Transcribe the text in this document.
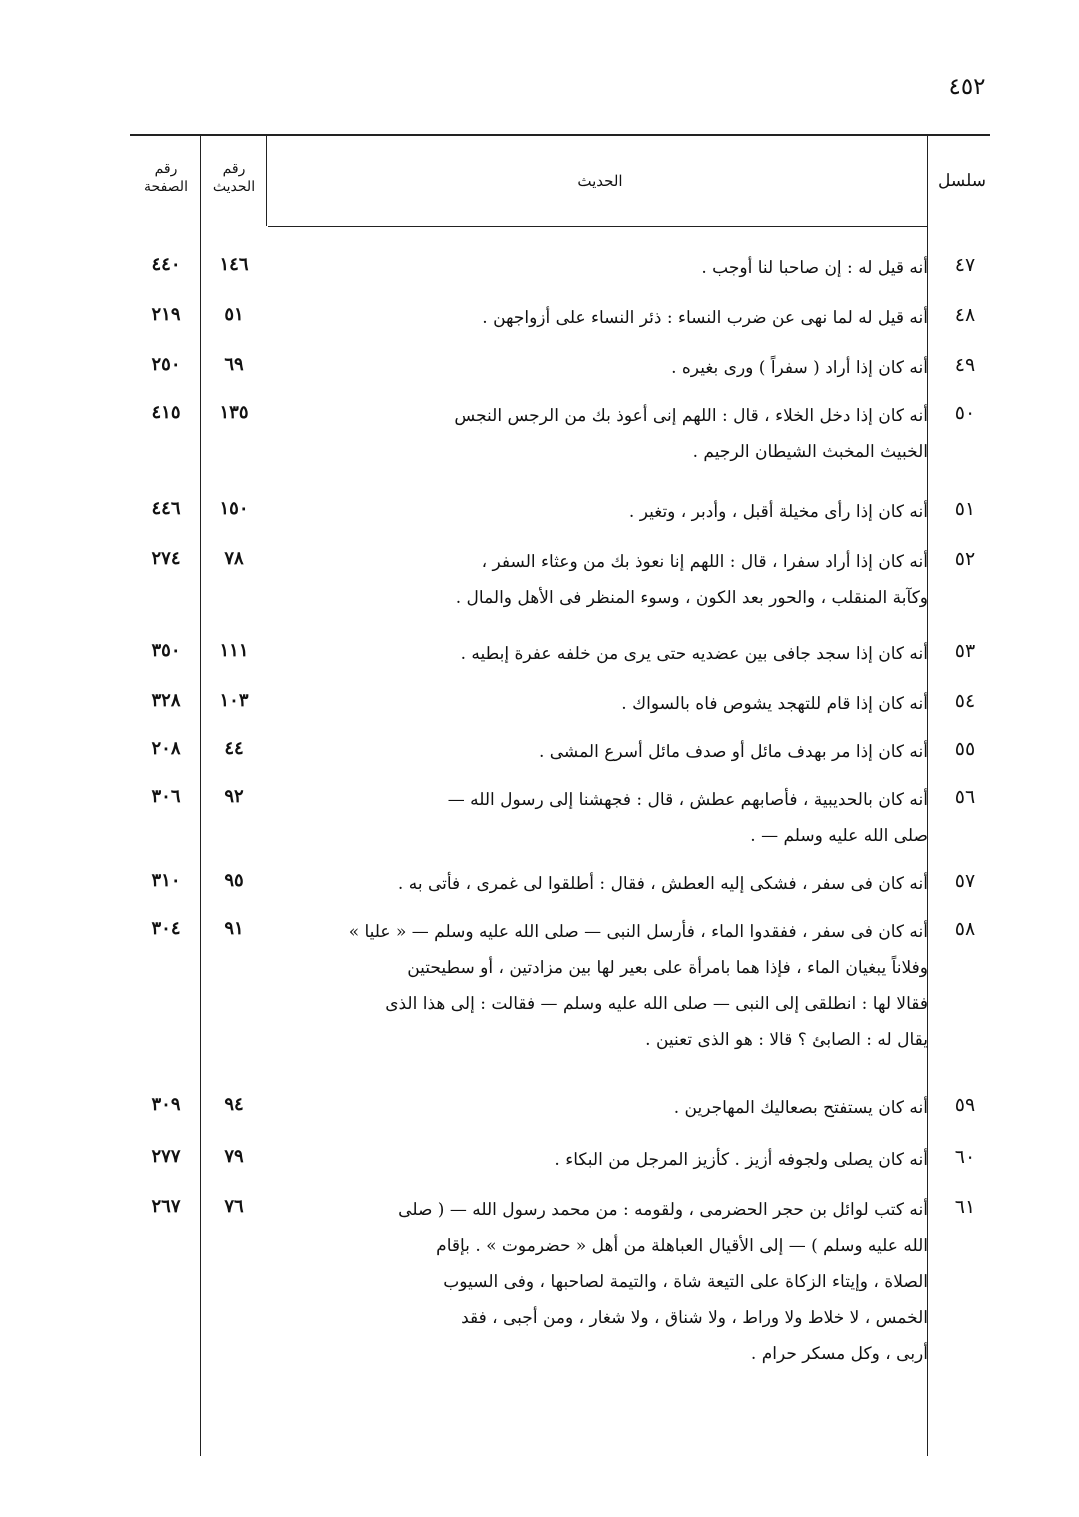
٤٥٢
سلسل
الحديث
رقم
الحديث
رقم
الصفحة
٤٧
أنه قيل له : إن صاحبا لنا أوجب .
١٤٦
٤٤٠
٤٨
أنه قيل له لما نهى عن ضرب النساء : ذئر النساء على أزواجهن .
٥١
٢١٩
٤٩
أنه كان إذا أراد ( سفراً ) ورى بغيره .
٦٩
٢٥٠
٥٠
أنه كان إذا دخل الخلاء ، قال : اللهم إنى أعوذ بك من الرجس النجس
الخبيث المخبث الشيطان الرجيم .
١٣٥
٤١٥
٥١
أنه كان إذا رأى مخيلة أقبل ، وأدبر ، وتغير .
١٥٠
٤٤٦
٥٢
أنه كان إذا أراد سفرا ، قال : اللهم إنا نعوذ بك من وعثاء السفر ،
وكآبة المنقلب ، والحور بعد الكون ، وسوء المنظر فى الأهل والمال .
٧٨
٢٧٤
٥٣
أنه كان إذا سجد جافى بين عضديه حتى يرى من خلفه عفرة إبطيه .
١١١
٣٥٠
٥٤
أنه كان إذا قام للتهجد يشوص فاه بالسواك .
١٠٣
٣٢٨
٥٥
أنه كان إذا مر بهدف مائل أو صدف مائل أسرع المشى .
٤٤
٢٠٨
٥٦
أنه كان بالحديبية ، فأصابهم عطش ، قال : فجهشنا إلى رسول الله —
صلى الله عليه وسلم — .
٩٢
٣٠٦
٥٧
أنه كان فى سفر ، فشكى إليه العطش ، فقال : أطلقوا لى غمرى ، فأتى به .
٩٥
٣١٠
٥٨
أنه كان فى سفر ، ففقدوا الماء ، فأرسل النبى — صلى الله عليه وسلم — « عليا »
وفلاناً يبغيان الماء ، فإذا هما بامرأة على بعير لها بين مزادتين ، أو سطيحتين
فقالا لها : انطلقى إلى النبى — صلى الله عليه وسلم — فقالت : إلى هذا الذى
يقال له : الصابئ ؟ قالا : هو الذى تعنين .
٩١
٣٠٤
٥٩
أنه كان يستفتح بصعاليك المهاجرين .
٩٤
٣٠٩
٦٠
أنه كان يصلى ولجوفه أزيز . كأزيز المرجل من البكاء .
٧٩
٢٧٧
٦١
أنه كتب لوائل بن حجر الحضرمى ، ولقومه : من محمد رسول الله — ( صلى
الله عليه وسلم ) — إلى الأقيال العباهلة من أهل « حضرموت » . بإقام
الصلاة ، وإيتاء الزكاة على التيعة شاة ، والتيمة لصاحبها ، وفى السيوب
الخمس ، لا خلاط ولا وراط ، ولا شناق ، ولا شغار ، ومن أجبى ، فقد
أربى ، وكل مسكر حرام .
٧٦
٢٦٧
